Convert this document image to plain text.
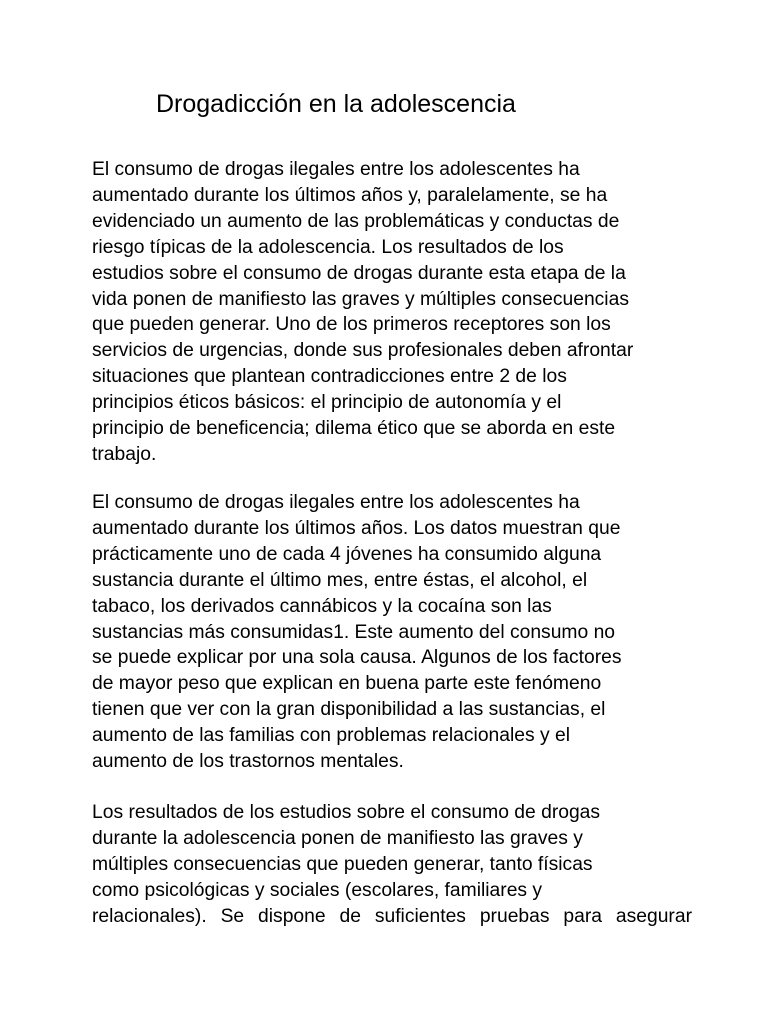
Drogadicción en la adolescencia

El consumo de drogas ilegales entre los adolescentes ha
aumentado durante los últimos años y, paralelamente, se ha
evidenciado un aumento de las problemáticas y conductas de
riesgo típicas de la adolescencia. Los resultados de los
estudios sobre el consumo de drogas durante esta etapa de la
vida ponen de manifiesto las graves y múltiples consecuencias
que pueden generar. Uno de los primeros receptores son los
servicios de urgencias, donde sus profesionales deben afrontar
situaciones que plantean contradicciones entre 2 de los
principios éticos básicos: el principio de autonomía y el
principio de beneficencia; dilema ético que se aborda en este
trabajo.

El consumo de drogas ilegales entre los adolescentes ha
aumentado durante los últimos años. Los datos muestran que
prácticamente uno de cada 4 jóvenes ha consumido alguna
sustancia durante el último mes, entre éstas, el alcohol, el
tabaco, los derivados cannábicos y la cocaína son las
sustancias más consumidas1. Este aumento del consumo no
se puede explicar por una sola causa. Algunos de los factores
de mayor peso que explican en buena parte este fenómeno
tienen que ver con la gran disponibilidad a las sustancias, el
aumento de las familias con problemas relacionales y el
aumento de los trastornos mentales.

Los resultados de los estudios sobre el consumo de drogas
durante la adolescencia ponen de manifiesto las graves y
múltiples consecuencias que pueden generar, tanto físicas
como psicológicas y sociales (escolares, familiares y
relacionales). Se dispone de suficientes pruebas para asegurar
